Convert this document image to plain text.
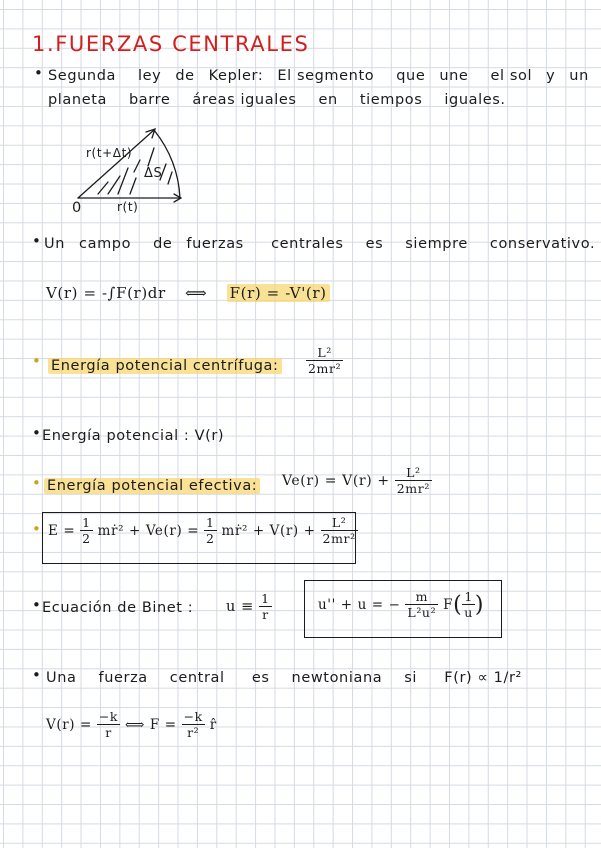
1.FUERZAS CENTRALES
• Segunda ley de Kepler: El segmento que une el sol y un
planeta barre áreas iguales en tiempos iguales.
r(t+Δt)
ΔS
0	r(t)
• Un campo de fuerzas centrales es siempre conservativo.
V(r) = -∫F(r)dr ⟺ F(r) = -V'(r)
• Energía potencial centrífuga: $\frac{\text{L²}}{\text{2mr²}}$
• Energía potencial : V(r)
• Energía potencial efectiva: $Ve(r) = V(r) + \frac{\text{L²}}{\text{2mr²}}$
• $E = \frac{1}{2}$ mṙ² + $Ve(r) = \frac{1}{2}$ mṙ² + $V(r) + \frac{\text{L²}}{\text{2mr²}}$
• Ecuación de Binet : $u \equiv \frac{1}{r}$	u'' + u = − $\frac{m}{\text{L²u²}} F( \frac{1}{u}$ )
• Una fuerza central es newtoniana si F(r) ∝ 1/r²
$V(r) = \frac{-k}{r}$ ⟺ $F = \frac{-k}{\text{r²}}$ r̂
